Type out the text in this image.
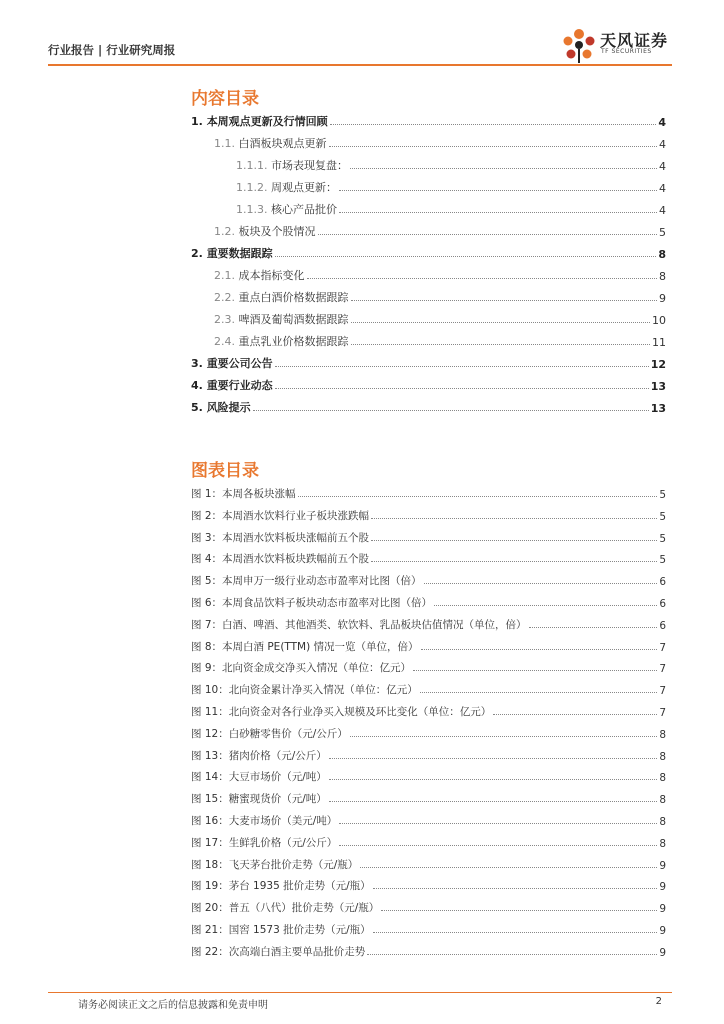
行业报告 | 行业研究周报	天风证券
TF SECURITIES
内容目录
图表目录
请务必阅读正文之后的信息披露和免责申明	2
1. 本周观点更新及行情回顾	4
1.1. 白酒板块观点更新	4
1.1.1. 市场表现复盘：	4
1.1.2. 周观点更新：	4
1.1.3. 核心产品批价	4
1.2. 板块及个股情况	5
2. 重要数据跟踪	8
2.1. 成本指标变化	8
2.2. 重点白酒价格数据跟踪	9
2.3. 啤酒及葡萄酒数据跟踪	10
2.4. 重点乳业价格数据跟踪	11
3. 重要公司公告	12
4. 重要行业动态	13
5. 风险提示	13
图 1：本周各板块涨幅	5
图 2：本周酒水饮料行业子板块涨跌幅	5
图 3：本周酒水饮料板块涨幅前五个股	5
图 4：本周酒水饮料板块跌幅前五个股	5
图 5：本周申万一级行业动态市盈率对比图（倍）	6
图 6：本周食品饮料子板块动态市盈率对比图（倍）	6
图 7：白酒、啤酒、其他酒类、软饮料、乳品板块估值情况（单位，倍）	6
图 8：本周白酒 PE(TTM) 情况一览（单位，倍）	7
图 9：北向资金成交净买入情况（单位：亿元）	7
图 10：北向资金累计净买入情况（单位：亿元）	7
图 11：北向资金对各行业净买入规模及环比变化（单位：亿元）	7
图 12：白砂糖零售价（元/公斤）	8
图 13：猪肉价格（元/公斤）	8
图 14：大豆市场价（元/吨）	8
图 15：糖蜜现货价（元/吨）	8
图 16：大麦市场价（美元/吨）	8
图 17：生鲜乳价格（元/公斤）	8
图 18：飞天茅台批价走势（元/瓶）	9
图 19：茅台 1935 批价走势（元/瓶）	9
图 20：普五（八代）批价走势（元/瓶）	9
图 21：国窖 1573 批价走势（元/瓶）	9
图 22：次高端白酒主要单品批价走势	9
